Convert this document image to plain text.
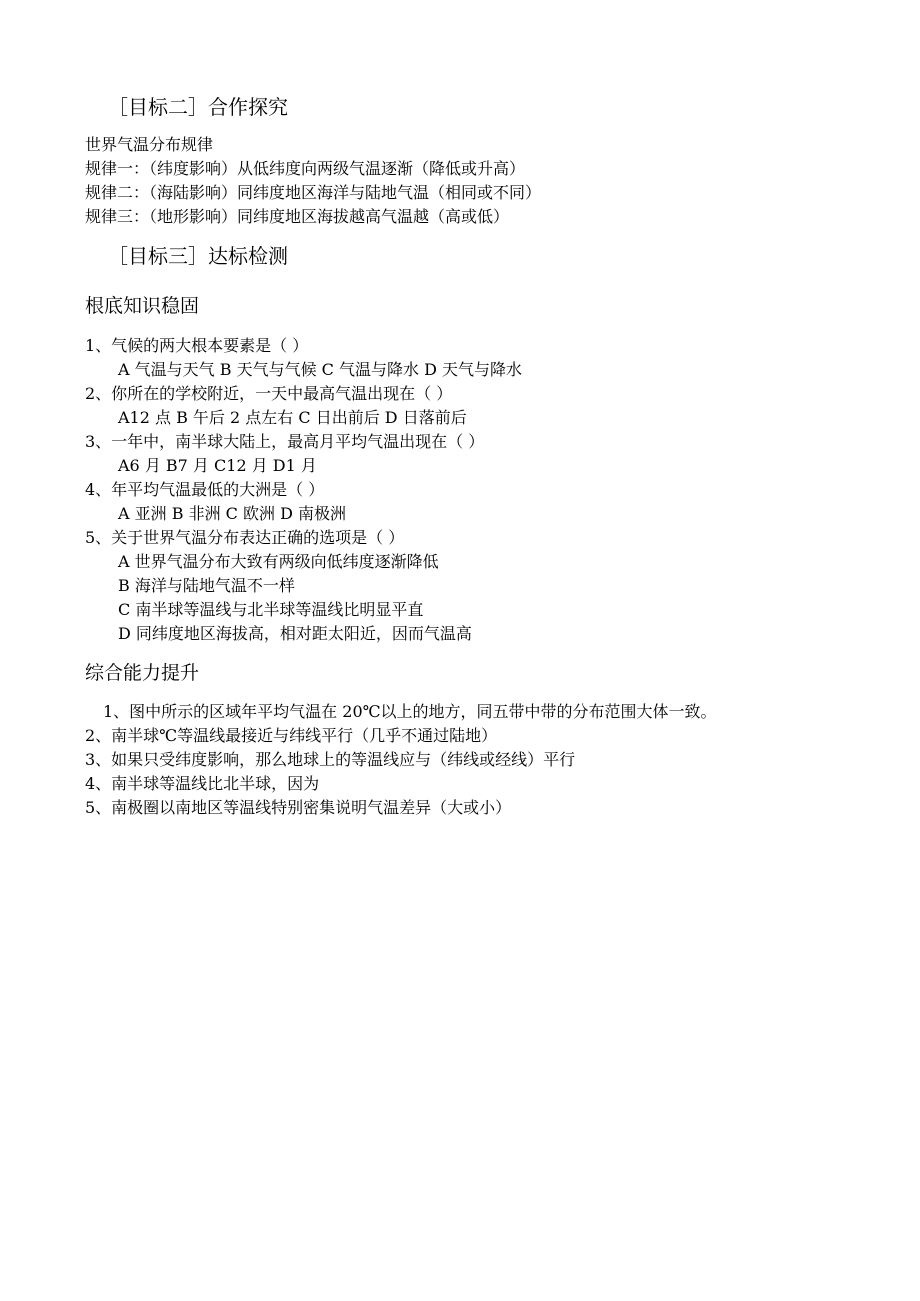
［目标二］合作探究
世界气温分布规律
规律一：（纬度影响）从低纬度向两级气温逐渐（降低或升高）
规律二：（海陆影响）同纬度地区海洋与陆地气温（相同或不同）
规律三：（地形影响）同纬度地区海拔越高气温越（高或低）
［目标三］达标检测
根底知识稳固
1、气候的两大根本要素是（ ）
A 气温与天气 B 天气与气候 C 气温与降水 D 天气与降水
2、你所在的学校附近，一天中最高气温出现在（ ）
A12 点 B 午后 2 点左右 C 日出前后 D 日落前后
3、一年中，南半球大陆上，最高月平均气温出现在（ ）
A6 月 B7 月 C12 月 D1 月
4、年平均气温最低的大洲是（ ）
A 亚洲 B 非洲 C 欧洲 D 南极洲
5、关于世界气温分布表达正确的选项是（ ）
A 世界气温分布大致有两级向低纬度逐渐降低
B 海洋与陆地气温不一样
C 南半球等温线与北半球等温线比明显平直
D 同纬度地区海拔高，相对距太阳近，因而气温高
综合能力提升
1、图中所示的区域年平均气温在 20℃以上的地方，同五带中带的分布范围大体一致。
2、南半球℃等温线最接近与纬线平行（几乎不通过陆地）
3、如果只受纬度影响，那么地球上的等温线应与（纬线或经线）平行
4、南半球等温线比北半球，因为
5、南极圈以南地区等温线特别密集说明气温差异（大或小）
